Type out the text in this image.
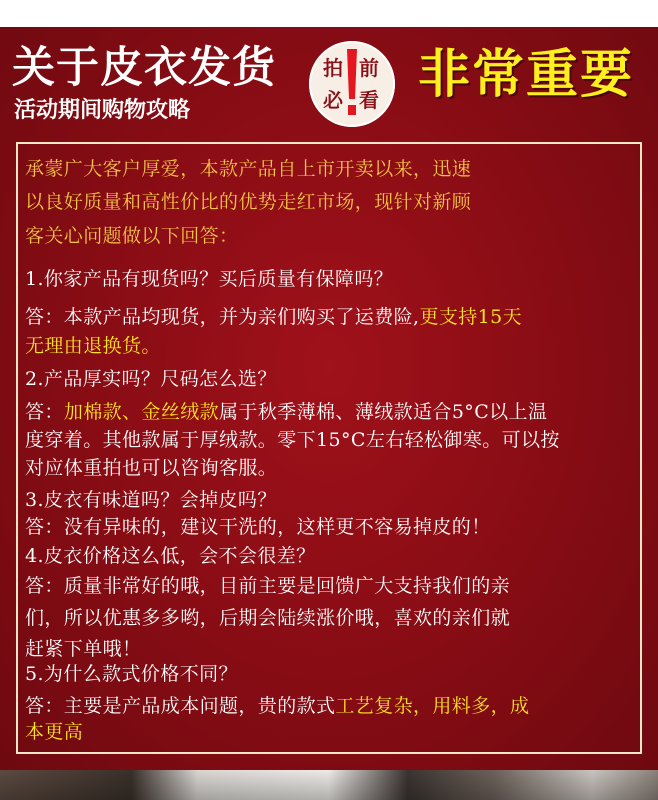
关于皮衣发货
活动期间购物攻略
拍 前
必 看 非常重要
承蒙广大客户厚爱，本款产品自上市开卖以来，迅速
以良好质量和高性价比的优势走红市场，现针对新顾
客关心问题做以下回答：
1.你家产品有现货吗？买后质量有保障吗？
答：本款产品均现货，并为亲们购买了运费险,更支持15天
无理由退换货。
2.产品厚实吗？尺码怎么选？
答：加棉款、金丝绒款属于秋季薄棉、薄绒款适合5°C以上温
度穿着。其他款属于厚绒款。零下15°C左右轻松御寒。可以按
对应体重拍也可以咨询客服。
3.皮衣有味道吗？会掉皮吗？
答：没有异味的，建议干洗的，这样更不容易掉皮的！
4.皮衣价格这么低，会不会很差？
答：质量非常好的哦，目前主要是回馈广大支持我们的亲
们，所以优惠多多哟，后期会陆续涨价哦，喜欢的亲们就
赶紧下单哦！
5.为什么款式价格不同？
答：主要是产品成本问题，贵的款式工艺复杂，用料多，成
本更高
